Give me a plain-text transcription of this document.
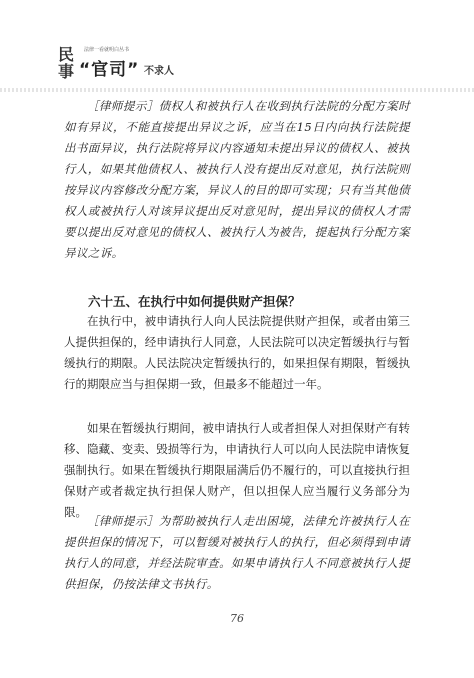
民
事
法律一看就明白丛书
“官司” 不求人

［律师提示］债权人和被执行人在收到执行法院的分配方案时如有异议，不能直接提出异议之诉，应当在15日内向执行法院提出书面异议，执行法院将异议内容通知未提出异议的债权人、被执行人，如果其他债权人、被执行人没有提出反对意见，执行法院则按异议内容修改分配方案，异议人的目的即可实现；只有当其他债权人或被执行人对该异议提出反对意见时，提出异议的债权人才需要以提出反对意见的债权人、被执行人为被告，提起执行分配方案异议之诉。

六十五、在执行中如何提供财产担保？

在执行中，被申请执行人向人民法院提供财产担保，或者由第三人提供担保的，经申请执行人同意，人民法院可以决定暂缓执行与暂缓执行的期限。人民法院决定暂缓执行的，如果担保有期限，暂缓执行的期限应当与担保期一致，但最多不能超过一年。

如果在暂缓执行期间，被申请执行人或者担保人对担保财产有转移、隐藏、变卖、毁损等行为，申请执行人可以向人民法院申请恢复强制执行。如果在暂缓执行期限届满后仍不履行的，可以直接执行担保财产或者裁定执行担保人财产，但以担保人应当履行义务部分为限。

［律师提示］为帮助被执行人走出困境，法律允许被执行人在提供担保的情况下，可以暂缓对被执行人的执行，但必须得到申请执行人的同意，并经法院审查。如果申请执行人不同意被执行人提供担保，仍按法律文书执行。

76
